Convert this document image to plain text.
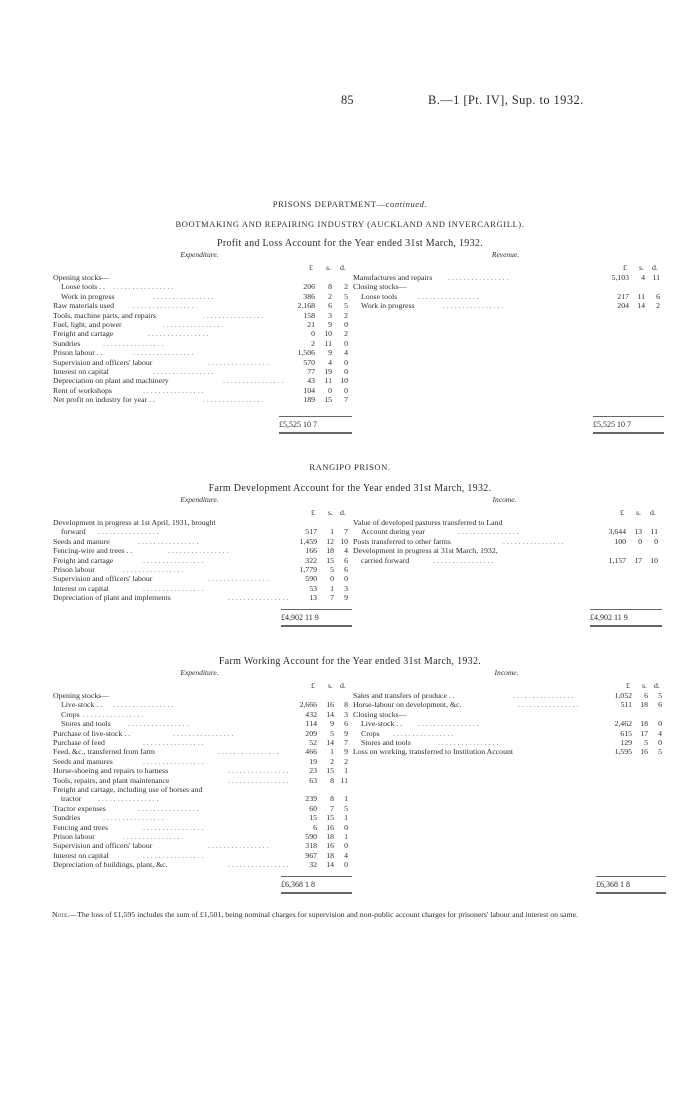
85	B.—1 [Pt. IV], Sup. to 1932.
PRISONS DEPARTMENT—continued.
BOOTMAKING AND REPAIRING INDUSTRY (AUCKLAND AND INVERCARGILL).
Profit and Loss Account for the Year ended 31st March, 1932.
Expenditure.
£ s. d.
Opening stocks—
Loose tools . . . . . . . . . . . . . . . . . .	206	8	2
Work in progress	. . . . . . . . . . . . . . . .	386	2	5
Raw materials used . . . . . . . . . . . . . . . .	2,168	6	5
Tools, machine parts, and repairs	. . . . . . . . . . . . . . . .	158	3	2
Fuel, light, and power	. . . . . . . . . . . . . . . .	21	9	0
Freight and cartage	. . . . . . . . . . . . . . . .	0	10	2
Sundries	. . . . . . . . . . . . . . . .	2	11	0
Prison labour . .	. . . . . . . . . . . . . . . .	1,506	9	4
Supervision and officers' labour	. . . . . . . . . . . . . . . .	570	4	0
Interest on capital	. . . . . . . . . . . . . . . .	77	19	0
Depreciation on plant and machinery	. . . . . . . . . . . . . . . .	43	11	10
Rent of workshops	. . . . . . . . . . . . . . . .	104	0	0
Net profit on industry for year . .	. . . . . . . . . . . . . . . .	189	15	7
£5,525 10 7
Revenue.
£ s. d.
Manufactures and repairs . . . . . . . . . . . . . . . .	5,103	4 11
Closing stocks—
Loose tools	. . . . . . . . . . . . . . . .	217	11	6
Work in progress	. . . . . . . . . . . . . . . .	204	14	2
£5,525 10 7
RANGIPO PRISON.
Farm Development Account for the Year ended 31st March, 1932.
Expenditure.
£ s. d.
Development in progress at 1st April, 1931, brought
forward . . . . . . . . . . . . . . . .	517	1	7
Seeds and manure	. . . . . . . . . . . . . . . .	1,459	12 10
Fencing-wire and trees . .	. . . . . . . . . . . . . . . .	166	18	4
Freight and cartage	. . . . . . . . . . . . . . . .	322	15	6
Prison labour	. . . . . . . . . . . . . . . .	1,779	5	6
Supervision and officers' labour	. . . . . . . . . . . . . . . .	590	0	0
Interest on capital	. . . . . . . . . . . . . . . .	53	1	3
Depreciation of plant and implements	. . . . . . . . . . . . . . . .	13	7	9
£4,902 11 9
Income.
£ s. d.
Value of developed pastures transferred to Land
Account during year	. . . . . . . . . . . . . . . .	3,644	13	11
Posts transferred to other farms	. . . . . . . . . . . . . . . .	100	0	0
Development in progress at 31st March, 1932,
carried forward	. . . . . . . . . . . . . . . .	1,157	17	10
£4,902 11 9
Farm Working Account for the Year ended 31st March, 1932.
Expenditure.
£ s. d.
Opening stocks—
Live-stock . . . . . . . . . . . . . . . . . .	2,666	16	8
Crops . . . . . . . . . . . . . . . .	432	14	3
Stores and tools . . . . . . . . . . . . . . . .	114	9	6
Purchase of live-stock . .	. . . . . . . . . . . . . . . .	209	5	9
Purchase of feed	. . . . . . . . . . . . . . . .	52	14	7
Feed, &c., transferred from farm	. . . . . . . . . . . . . . . .	466	1	9
Seeds and manures	. . . . . . . . . . . . . . . .	19	2	2
Horse-shoeing and repairs to harness	. . . . . . . . . . . . . . . .	23	15	1
Tools, repairs, and plant maintenance	. . . . . . . . . . . . . . . .	63	8 11
Freight and cartage, including use of horses and
tractor . . . . . . . . . . . . . . . .	239	8	1
Tractor expenses	. . . . . . . . . . . . . . . .	60	7	5
Sundries	. . . . . . . . . . . . . . . .	15	15	1
Fencing and trees	. . . . . . . . . . . . . . . .	6	16	0
Prison labour	. . . . . . . . . . . . . . . .	590	18	1
Supervision and officers' labour	. . . . . . . . . . . . . . . .	318	16	0
Interest on capital	. . . . . . . . . . . . . . . .	967	18	4
Depreciation of buildings, plant, &c.	. . . . . . . . . . . . . . . .	32	14	0
£6,368 1 8
Income.
£ s. d.
Sales and transfers of produce . .	. . . . . . . . . . . . . . . .	1,052	6	5
Horse-labour on development, &c.	. . . . . . . . . . . . . . . .	511	18	6
Closing stocks—
Live-stock . . . . . . . . . . . . . . . . . .	2,462	18	0
Crops . . . . . . . . . . . . . . . .	615	17	4
Stores and tools	. . . . . . . . . . . . . . . .	129	5	0
Loss on working, transferred to Institution Account	1,595	16	5
£6,368 1 8
Note.—The loss of £1,595 includes the sum of £1,501, being nominal charges for supervision and non-public account charges for prisoners' labour and interest on same.
